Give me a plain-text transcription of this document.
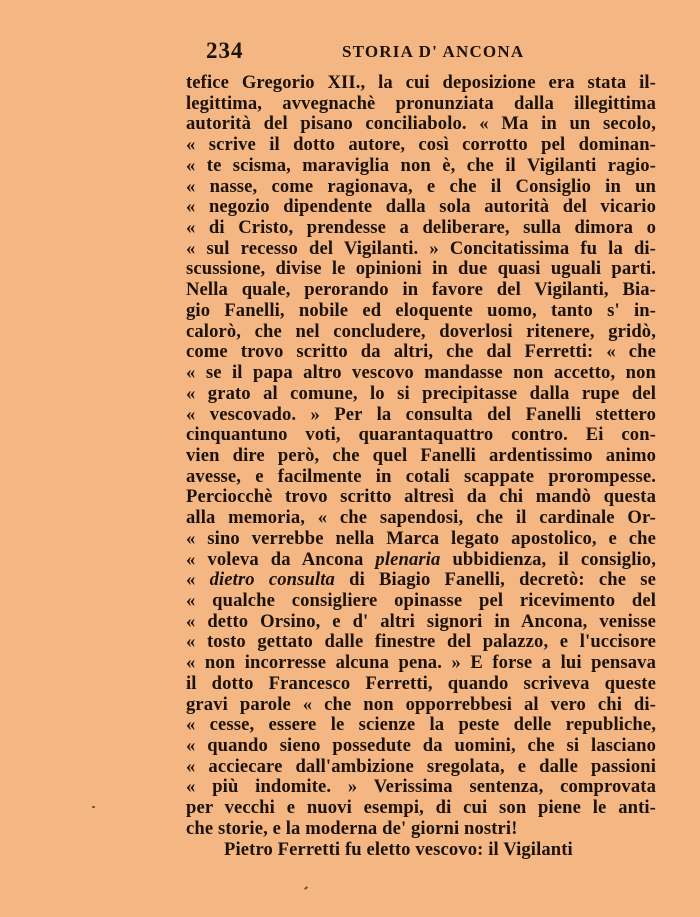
234	STORIA D' ANCONA
tefice Gregorio XII., la cui deposizione era stata il-
legittima, avvegnachè pronunziata dalla illegittima
autorità del pisano conciliabolo. « Ma in un secolo,
« scrive il dotto autore, così corrotto pel dominan-
« te scisma, maraviglia non è, che il Vigilanti ragio-
« nasse, come ragionava, e che il Consiglio in un
« negozio dipendente dalla sola autorità del vicario
« di Cristo, prendesse a deliberare, sulla dimora o
« sul recesso del Vigilanti. » Concitatissima fu la di-
scussione, divise le opinioni in due quasi uguali parti.
Nella quale, perorando in favore del Vigilanti, Bia-
gio Fanelli, nobile ed eloquente uomo, tanto s' in-
calorò, che nel concludere, doverlosi ritenere, gridò,
come trovo scritto da altri, che dal Ferretti: « che
« se il papa altro vescovo mandasse non accetto, non
« grato al comune, lo si precipitasse dalla rupe del
« vescovado. » Per la consulta del Fanelli stettero
cinquantuno voti, quarantaquattro contro. Ei con-
vien dire però, che quel Fanelli ardentissimo animo
avesse, e facilmente in cotali scappate prorompesse.
Perciocchè trovo scritto altresì da chi mandò questa
alla memoria, « che sapendosi, che il cardinale Or-
« sino verrebbe nella Marca legato apostolico, e che
« voleva da Ancona plenaria ubbidienza, il consiglio,
« dietro consulta di Biagio Fanelli, decretò: che se
« qualche consigliere opinasse pel ricevimento del
« detto Orsino, e d' altri signori in Ancona, venisse
« tosto gettato dalle finestre del palazzo, e l'uccisore
« non incorresse alcuna pena. » E forse a lui pensava
il dotto Francesco Ferretti, quando scriveva queste
gravi parole « che non opporrebbesi al vero chi di-
« cesse, essere le scienze la peste delle republiche,
« quando sieno possedute da uomini, che si lasciano
« acciecare dall'ambizione sregolata, e dalle passioni
« più indomite. » Verissima sentenza, comprovata
per vecchi e nuovi esempi, di cui son piene le anti-
che storie, e la moderna de' giorni nostri!
Pietro Ferretti fu eletto vescovo: il Vigilanti
